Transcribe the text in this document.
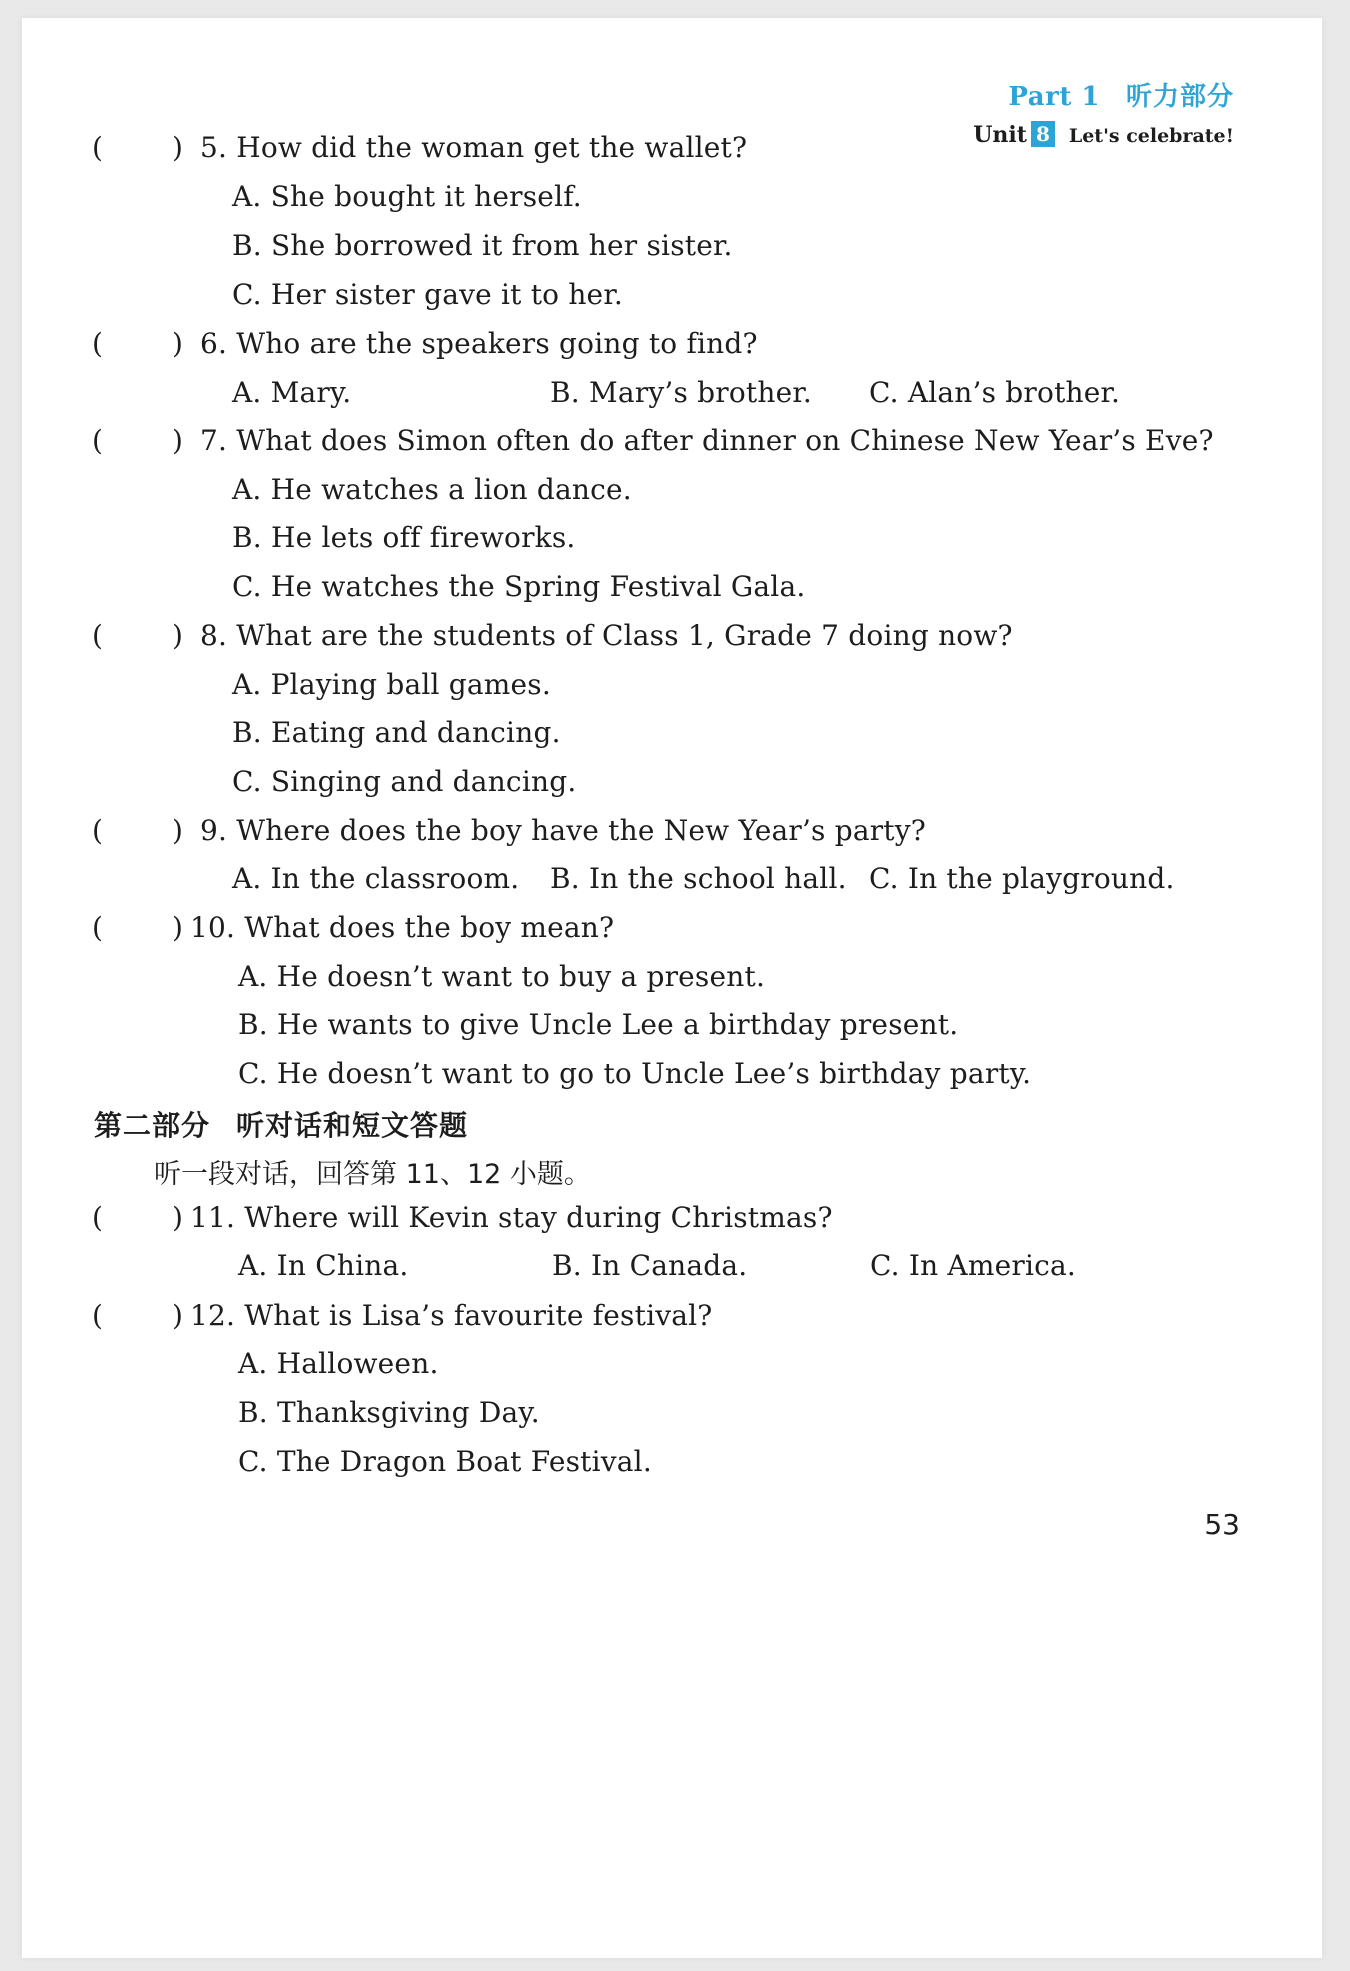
Part 1 听力部分
Unit 8 Let's celebrate!
( ) 5. How did the woman get the wallet?
A. She bought it herself.
B. She borrowed it from her sister.
C. Her sister gave it to her.
( ) 6. Who are the speakers going to find?
A. Mary.	B. Mary’s brother. C. Alan’s brother.
( ) 7. What does Simon often do after dinner on Chinese New Year’s Eve?
A. He watches a lion dance.
B. He lets off fireworks.
C. He watches the Spring Festival Gala.
( ) 8. What are the students of Class 1, Grade 7 doing now?
A. Playing ball games.
B. Eating and dancing.
C. Singing and dancing.
( ) 9. Where does the boy have the New Year’s party?
A. In the classroom. B. In the school hall. C. In the playground.
( ) 10. What does the boy mean?
A. He doesn’t want to buy a present.
B. He wants to give Uncle Lee a birthday present.
C. He doesn’t want to go to Uncle Lee’s birthday party.
第二部分 听对话和短文答题
听一段对话，回答第 11、12 小题。
( ) 11. Where will Kevin stay during Christmas?
A. In China.	B. In Canada.	C. In America.
( ) 12. What is Lisa’s favourite festival?
A. Halloween.
B. Thanksgiving Day.
C. The Dragon Boat Festival.
53
